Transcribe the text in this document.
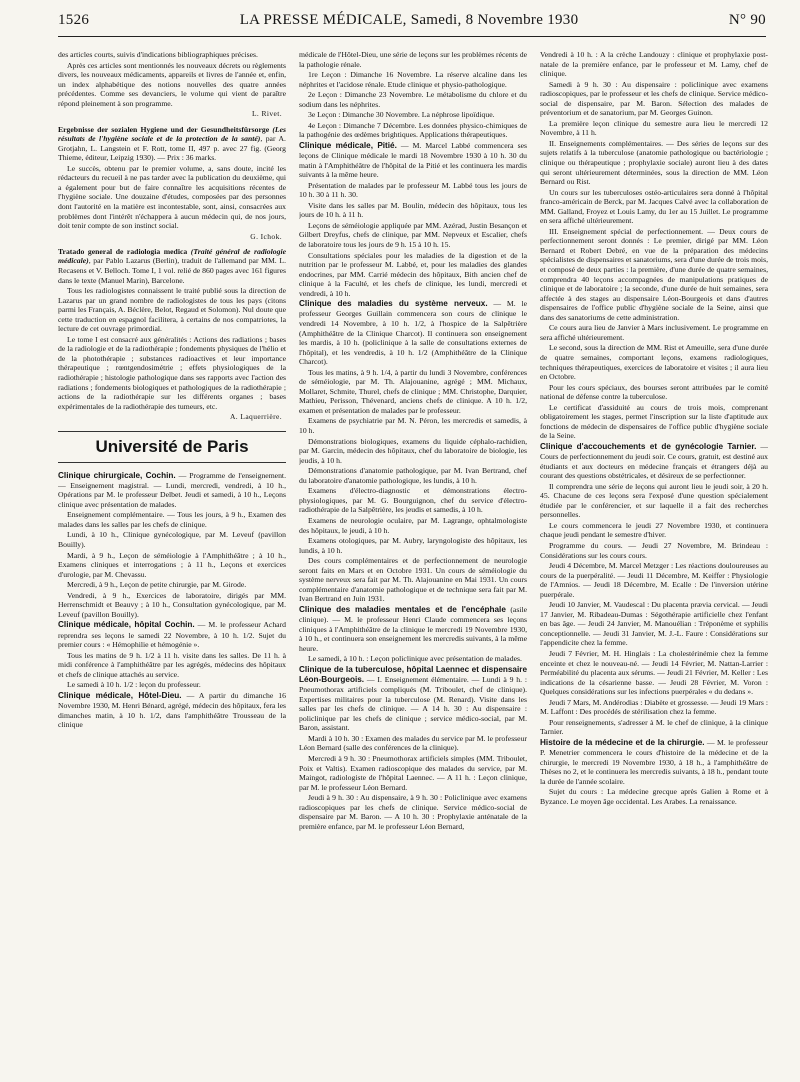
1526	LA PRESSE MÉDICALE, Samedi, 8 Novembre 1930	N° 90

des articles courts, suivis d'indications bibliographiques précises.

Après ces articles sont mentionnés les nouveaux décrets ou règlements divers, les nouveaux médicaments, appareils et livres de l'année et, enfin, un index alphabétique des notions nouvelles des quatre années précédentes. Comme ses devanciers, le volume qui vient de paraître répond pleinement à son programme.

L. Rivet.

Ergebnisse der sozialen Hygiene und der Gesundheitsfürsorge (Les résultats de l'hygiène sociale et de la protection de la santé), par A. Grotjahn, L. Langstein et F. Rott, tome II, 497 p. avec 27 fig. (Georg Thieme, éditeur, Leipzig 1930). — Prix : 36 marks.

Le succès, obtenu par le premier volume, a, sans doute, incité les rédacteurs du recueil à ne pas tarder avec la publication du deuxième, qui a également pour but de faire connaître les acquisitions récentes de l'hygiène sociale. Une douzaine d'études, composées par des personnes dont l'autorité en la matière est incontestable, sont, ainsi, consacrées aux problèmes dont l'intérêt n'échappera à aucun médecin qui, de nos jours, doit tenir compte de son instinct social.

G. Ichok.

Tratado general de radiologia medica (Traité général de radiologie médicale), par Pablo Lazarus (Berlin), traduit de l'allemand par MM. L. Recasens et V. Belloch. Tome I, 1 vol. relié de 860 pages avec 161 figures dans le texte (Manuel Marin), Barcelone.

Tous les radiologistes connaissent le traité publié sous la direction de Lazarus par un grand nombre de radiologistes de tous les pays (citons parmi les Français, A. Béclère, Belot, Regaud et Solomon). Nul doute que cette traduction en espagnol facilitera, à certains de nos compatriotes, la lecture de cet ouvrage primordial.

Le tome I est consacré aux généralités : Actions des radiations ; bases de la radiologie et de la radiothérapie ; fondements physiques de l'hélio et de la photothérapie ; substances radioactives et leur importance thérapeutique ; rœntgendosimétrie ; effets physiologiques de la radiothérapie ; histologie pathologique dans ses rapports avec l'action des radiations ; fondements biologiques et pathologiques de la radiothérapie ; actions de la radiothérapie sur les différents organes ; bases expérimentales de la radiothérapie des tumeurs, etc.

A. Laquerrière.
Université de Paris

Clinique chirurgicale, Cochin. — Programme de l'enseignement. — Enseignement magistral. — Lundi, mercredi, vendredi, à 10 h., Opérations par M. le professeur Delbet. Jeudi et samedi, à 10 h., Leçons clinique avec présentation de malades.

Enseignement complémentaire. — Tous les jours, à 9 h., Examen des malades dans les salles par les chefs de clinique.

Lundi, à 10 h., Clinique gynécologique, par M. Leveuf (pavillon Bouilly).

Mardi, à 9 h., Leçon de séméiologie à l'Amphithéâtre ; à 10 h., Examens cliniques et interrogations ; à 11 h., Leçons et exercices d'urologie, par M. Chevassu.

Mercredi, à 9 h., Leçon de petite chirurgie, par M. Girode.

Vendredi, à 9 h., Exercices de laboratoire, dirigés par MM. Herrenschmidt et Beauvy ; à 10 h., Consultation gynécologique, par M. Leveuf (pavillon Bouilly).

Clinique médicale, hôpital Cochin. — M. le professeur Achard reprendra ses leçons le samedi 22 Novembre, à 10 h. 1/2. Sujet du premier cours : « Hémophilie et hémogénie ».

Tous les matins de 9 h. 1/2 à 11 h. visite dans les salles. De 11 h. à midi conférence à l'amphithéâtre par les agrégés, médecins des hôpitaux et chefs de clinique attachés au service.

Le samedi à 10 h. 1/2 : leçon du professeur.

Clinique médicale, Hôtel-Dieu. — A partir du dimanche 16 Novembre 1930, M. Henri Bénard, agrégé, médecin des hôpitaux, fera les dimanches matin, à 10 h. 1/2, dans l'amphithéâtre Trousseau de la clinique

médicale de l'Hôtel-Dieu, une série de leçons sur les problèmes récents de la pathologie rénale.

1re Leçon : Dimanche 16 Novembre. La réserve alcaline dans les néphrites et l'acidose rénale. Etude clinique et physio-pathologique.

2e Leçon : Dimanche 23 Novembre. Le métabolisme du chlore et du sodium dans les néphrites.

3e Leçon : Dimanche 30 Novembre. La néphrose lipoïdique.

4e Leçon : Dimanche 7 Décembre. Les données physico-chimiques de la pathogénie des œdèmes brightiques. Applications thérapeutiques.

Clinique médicale, Pitié. — M. Marcel Labbé commencera ses leçons de Clinique médicale le mardi 18 Novembre 1930 à 10 h. 30 du matin à l'Amphithéâtre de l'hôpital de la Pitié et les continuera les mardis suivants à la même heure.

Présentation de malades par le professeur M. Labbé tous les jours de 10 h. 30 à 11 h. 30.

Visite dans les salles par M. Boulin, médecin des hôpitaux, tous les jours de 10 h. à 11 h.

Leçons de séméiologie appliquée par MM. Azérad, Justin Besançon et Gilbert Dreyfus, chefs de clinique, par MM. Nepveux et Escalier, chefs de laboratoire tous les jours de 9 h. 15 à 10 h. 15.

Consultations spéciales pour les maladies de la digestion et de la nutrition par le professeur M. Labbé, et, pour les maladies des glandes endocrines, par MM. Carrié médecin des hôpitaux, Bith ancien chef de clinique à la Faculté, et les chefs de clinique, les lundi, mercredi et vendredi, à 10 h.

Clinique des maladies du système nerveux. — M. le professeur Georges Guillain commencera son cours de clinique le vendredi 14 Novembre, à 10 h. 1/2, à l'hospice de la Salpêtrière (Amphithéâtre de la Clinique Charcot). Il continuera son enseignement les mardis, à 10 h. (policlinique à la salle de consultations externes de l'hôpital), et les vendredis, à 10 h. 1/2 (Amphithéâtre de la Clinique Charcot).

Tous les matins, à 9 h. 1/4, à partir du lundi 3 Novembre, conférences de séméiologie, par M. Th. Alajouanine, agrégé ; MM. Michaux, Mollaret, Schmite, Thurel, chefs de clinique ; MM. Christophe, Darquier, Mathieu, Perisson, Thévenard, anciens chefs de clinique. A 10 h. 1/2, examen et présentation de malades par le professeur.

Examens de psychiatrie par M. N. Péron, les mercredis et samedis, à 10 h.

Démonstrations biologiques, examens du liquide céphalo-rachidien, par M. Garcin, médecin des hôpitaux, chef du laboratoire de biologie, les jeudis, à 10 h.

Démonstrations d'anatomie pathologique, par M. Ivan Bertrand, chef du laboratoire d'anatomie pathologique, les lundis, à 10 h.

Examens d'électro-diagnostic et démonstrations électro-physiologiques, par M. G. Bourguignon, chef du service d'électro-radiothérapie de la Salpêtrière, les jeudis et samedis, à 10 h.

Examens de neurologie oculaire, par M. Lagrange, ophtalmologiste des hôpitaux, le jeudi, à 10 h.

Examens otologiques, par M. Aubry, laryngologiste des hôpitaux, les lundis, à 10 h.

Des cours complémentaires et de perfectionnement de neurologie seront faits en Mars et en Octobre 1931. Un cours de séméiologie du système nerveux sera fait par M. Th. Alajouanine en Mai 1931. Un cours complémentaire d'anatomie pathologique et de technique sera fait par M. Ivan Bertrand en Juin 1931.

Clinique des maladies mentales et de l'encéphale (asile clinique). — M. le professeur Henri Claude commencera ses leçons cliniques à l'Amphithéâtre de la clinique le mercredi 19 Novembre 1930, à 10 h., et continuera son enseignement les mercredis suivants, à la même heure.

Le samedi, à 10 h. : Leçon policlinique avec présentation de malades.

Clinique de la tuberculose, hôpital Laennec et dispensaire Léon-Bourgeois. — I. Enseignement élémentaire. — Lundi à 9 h. : Pneumothorax artificiels compliqués (M. Triboulet, chef de clinique). Expertises militaires pour la tuberculose (M. Renard). Visite dans les salles par les chefs de clinique. — A 14 h. 30 : Au dispensaire : policlinique par les chefs de clinique ; service médico-social, par M. Baron, assistant.

Mardi à 10 h. 30 : Examen des malades du service par M. le professeur Léon Bernard (salle des conférences de la clinique).

Mercredi à 9 h. 30 : Pneumothorax artificiels simples (MM. Triboulet, Poix et Valtis). Examen radioscopique des malades du service, par M. Maingot, radiologiste de l'hôpital Laennec. — A 11 h. : Leçon clinique, par M. le professeur Léon Bernard.

Jeudi à 9 h. 30 : Au dispensaire, à 9 h. 30 : Policlinique avec examens radioscopiques par les chefs de clinique. Service médico-social de dispensaire par M. Baron. — A 10 h. 30 : Prophylaxie anténatale de la première enfance, par M. le professeur Léon Bernard,

Vendredi à 10 h. : A la crèche Landouzy : clinique et prophylaxie post-natale de la première enfance, par le professeur et M. Lamy, chef de clinique.

Samedi à 9 h. 30 : Au dispensaire : policlinique avec examens radioscopiques, par le professeur et les chefs de clinique. Service médico-social de dispensaire, par M. Baron. Sélection des malades de préventorium et de sanatorium, par M. Georges Guinon.

La première leçon clinique du semestre aura lieu le mercredi 12 Novembre, à 11 h.

II. Enseignements complémentaires. — Des séries de leçons sur des sujets relatifs à la tuberculose (anatomie pathologique ou bactériologie ; clinique ou thérapeutique ; prophylaxie sociale) auront lieu à des dates qui seront ultérieurement déterminées, sous la direction de MM. Léon Bernard ou Rist.

Un cours sur les tuberculoses ostéo-articulaires sera donné à l'hôpital franco-américain de Berck, par M. Jacques Calvé avec la collaboration de MM. Galland, Froyez et Louis Lamy, du 1er au 15 Juillet. Le programme en sera affiché ultérieurement.

III. Enseignement spécial de perfectionnement. — Deux cours de perfectionnement seront donnés : Le premier, dirigé par MM. Léon Bernard et Robert Debré, en vue de la préparation des médecins spécialistes de dispensaires et sanatoriums, sera d'une durée de trois mois, et composé de deux parties : la première, d'une durée de quatre semaines, comprendra 40 leçons accompagnées de manipulations pratiques de clinique et de laboratoire ; la seconde, d'une durée de huit semaines, sera affectée à des stages au dispensaire Léon-Bourgeois et dans d'autres dispensaires de l'office public d'hygiène sociale de la Seine, ainsi que dans des sanatoriums de cette administration.

Ce cours aura lieu de Janvier à Mars inclusivement. Le programme en sera affiché ultérieurement.

Le second, sous la direction de MM. Rist et Ameuille, sera d'une durée de quatre semaines, comportant leçons, examens radiologiques, techniques thérapeutiques, exercices de laboratoire et visites ; il aura lieu en Octobre.

Pour les cours spéciaux, des bourses seront attribuées par le comité national de défense contre la tuberculose.

Le certificat d'assiduité au cours de trois mois, comprenant obligatoirement les stages, permet l'inscription sur la liste d'aptitude aux fonctions de médecin de dispensaires de l'office public d'hygiène sociale de la Seine.

Clinique d'accouchements et de gynécologie Tarnier. — Cours de perfectionnement du jeudi soir. Ce cours, gratuit, est destiné aux étudiants et aux docteurs en médecine français et étrangers déjà au courant des questions obstétricales, et désireux de se perfectionner.

Il comprendra une série de leçons qui auront lieu le jeudi soir, à 20 h. 45. Chacune de ces leçons sera l'exposé d'une question spécialement étudiée par le conférencier, et sur laquelle il a fait des recherches personnelles.

Le cours commencera le jeudi 27 Novembre 1930, et continuera chaque jeudi pendant le semestre d'hiver.

Programme du cours. — Jeudi 27 Novembre, M. Brindeau : Considérations sur les cours cours.

Jeudi 4 Décembre, M. Marcel Metzger : Les réactions douloureuses au cours de la puerpéralité. — Jeudi 11 Décembre, M. Keiffer : Physiologie de l'Amnios. — Jeudi 18 Décembre, M. Ecalle : De l'inversion utérine puerpérale.

Jeudi 10 Janvier, M. Vaudescal : Du placenta prævia cervical. — Jeudi 17 Janvier, M. Ribadeau-Dumas : Ségothérapie artificielle chez l'enfant en bas âge. — Jeudi 24 Janvier, M. Manouélian : Tréponème et syphilis conceptionnelle. — Jeudi 31 Janvier, M. J.-L. Faure : Considérations sur l'appendicite chez la femme.

Jeudi 7 Février, M. H. Hinglais : La cholestérinémie chez la femme enceinte et chez le nouveau-né. — Jeudi 14 Février, M. Nattan-Larrier : Perméabilité du placenta aux sérums. — Jeudi 21 Février, M. Keller : Les indications de la césarienne basse. — Jeudi 28 Février, M. Voron : Quelques considérations sur les infections puerpérales « du dedans ».

Jeudi 7 Mars, M. Andérodias : Diabète et grossesse. — Jeudi 19 Mars : M. Laffont : Des procédés de stérilisation chez la femme.

Pour renseignements, s'adresser à M. le chef de clinique, à la clinique Tarnier.

Histoire de la médecine et de la chirurgie. — M. le professeur P. Menetrier commencera le cours d'histoire de la médecine et de la chirurgie, le mercredi 19 Novembre 1930, à 18 h., à l'amphithéâtre de Thèses no 2, et le continuera les mercredis suivants, à 18 h., pendant toute la durée de l'année scolaire.

Sujet du cours : La médecine grecque après Galien à Rome et à Byzance. Le moyen âge occidental. Les Arabes. La renaissance.
